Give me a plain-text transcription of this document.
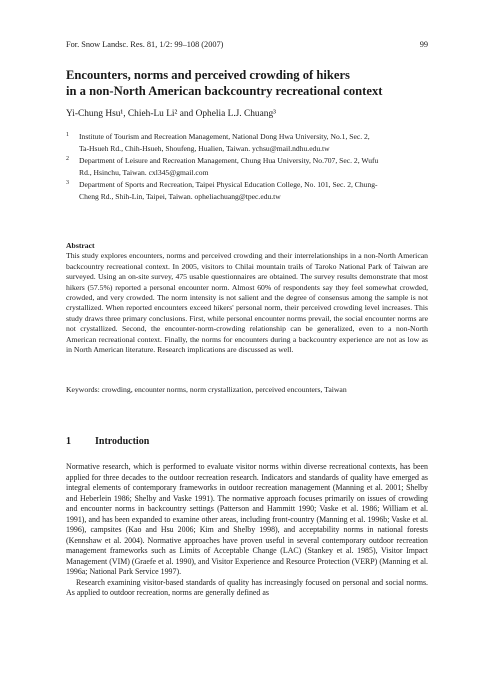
For. Snow Landsc. Res. 81, 1/2: 99–108 (2007)	99
Encounters, norms and perceived crowding of hikers
in a non-North American backcountry recreational context
Yi-Chung Hsu¹, Chieh-Lu Li² and Ophelia L.J. Chuang³
1 Institute of Tourism and Recreation Management, National Dong Hwa University, No.1, Sec. 2,
Ta-Hsueh Rd., Chih-Hsueh, Shoufeng, Hualien, Taiwan. ychsu@mail.ndhu.edu.tw
2 Department of Leisure and Recreation Management, Chung Hua University, No.707, Sec. 2, Wufu
Rd., Hsinchu, Taiwan. cxl345@gmail.com
3 Department of Sports and Recreation, Taipei Physical Education College, No. 101, Sec. 2, Chung-
Cheng Rd., Shih-Lin, Taipei, Taiwan. opheliachuang@tpec.edu.tw
Abstract
This study explores encounters, norms and perceived crowding and their interrelationships in a non-North American backcountry recreational context. In 2005, visitors to Chilai mountain trails of Taroko National Park of Taiwan are surveyed. Using an on-site survey, 475 usable questionnaires are obtained. The survey results demonstrate that most hikers (57.5%) reported a personal encounter norm. Almost 60% of respondents say they feel somewhat crowded, crowded, and very crowded. The norm intensity is not salient and the degree of consensus among the sample is not crystallized. When reported encounters exceed hikers' personal norm, their perceived crowding level increases. This study draws three primary conclusions. First, while personal encounter norms prevail, the social encounter norms are not crystallized. Second, the encounter-norm-crowding relationship can be generalized, even to a non-North American recreational context. Finally, the norms for encounters during a backcountry experience are not as low as in North American literature. Research implications are discussed as well.
Keywords: crowding, encounter norms, norm crystallization, perceived encounters, Taiwan
1 Introduction

Normative research, which is performed to evaluate visitor norms within diverse recreational contexts, has been applied for three decades to the outdoor recreation research. Indicators and standards of quality have emerged as integral elements of contemporary frameworks in outdoor recreation management (Manning et al. 2001; Shelby and Heberlein 1986; Shelby and Vaske 1991). The normative approach focuses primarily on issues of crowding and encounter norms in backcountry settings (Patterson and Hammitt 1990; Vaske et al. 1986; William et al. 1991), and has been expanded to examine other areas, including front-country (Manning et al. 1996b; Vaske et al. 1996), campsites (Kao and Hsu 2006; Kim and Shelby 1998), and acceptability norms in national forests (Kennshaw et al. 2004). Normative approaches have proven useful in several contemporary outdoor recreation management frameworks such as Limits of Acceptable Change (LAC) (Stankey et al. 1985), Visitor Impact Management (VIM) (Graefe et al. 1990), and Visitor Experience and Resource Protection (VERP) (Manning et al. 1996a; National Park Service 1997).

Research examining visitor-based standards of quality has increasingly focused on personal and social norms. As applied to outdoor recreation, norms are generally defined as
